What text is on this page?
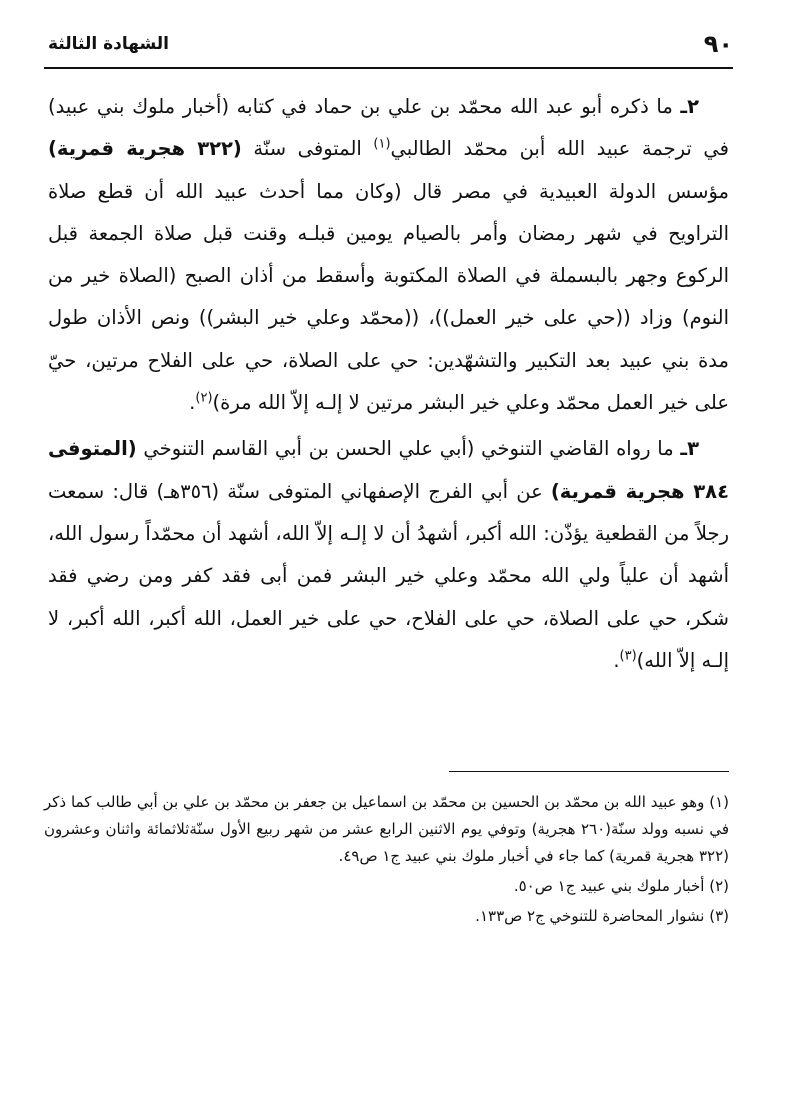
٩٠
الشهادة الثالثة

٢ـ ما ذكره أبو عبد الله محمّد بن علي بن حماد في كتابه (أخبار ملوك بني عبيد) في ترجمة عبيد الله أبن محمّد الطالبي$^{(١)}$ المتوفى سنّة (٣٢٢ هجرية قمرية) مؤسس الدولة العبيدية في مصر قال (وكان مما أحدث عبيد الله أن قطع صلاة التراويح في شهر رمضان وأمر بالصيام يومين قبلـه وقنت قبل صلاة الجمعة قبل الركوع وجهر بالبسملة في الصلاة المكتوبة وأسقط من أذان الصبح (الصلاة خير من النوم) وزاد ((حي على خير العمل))، ((محمّد وعلي خير البشر)) ونص الأذان طول مدة بني عبيد بعد التكبير والتشهّدين: حي على الصلاة، حي على الفلاح مرتين، حيّ على خير العمل محمّد وعلي خير البشر مرتين لا إلـه إلاّ الله مرة)$^{(٢)}$.

٣ـ ما رواه القاضي التنوخي (أبي علي الحسن بن أبي القاسم التنوخي (المتوفى ٣٨٤ هجرية قمرية) عن أبي الفرج الإصفهاني المتوفى سنّة (٣٥٦هـ) قال: سمعت رجلاً من القطعية يؤذّن: الله أكبر، أشهدُ أن لا إلـه إلاّ الله، أشهد أن محمّداً رسول الله، أشهد أن علياً ولي الله محمّد وعلي خير البشر فمن أبى فقد كفر ومن رضي فقد شكر، حي على الصلاة، حي على الفلاح، حي على خير العمل، الله أكبر، الله أكبر، لا إلـه إلاّ الله)$^{(٣)}$.

(١) وهو عبيد الله بن محمّد بن الحسين بن محمّد بن اسماعيل بن جعفر بن محمّد بن علي بن أبي طالب كما ذكر في نسبه وولد سنّة(٢٦٠ هجرية) وتوفي يوم الاثنين الرابع عشر من شهر ربيع الأول سنّةثلاثمائة واثنان وعشرون (٣٢٢ هجرية قمرية) كما جاء في أخبار ملوك بني عبيد ج١ ص٤٩.

(٢) أخبار ملوك بني عبيد ج١ ص٥٠.

(٣) نشوار المحاضرة للتنوخي ج٢ ص١٣٣.
